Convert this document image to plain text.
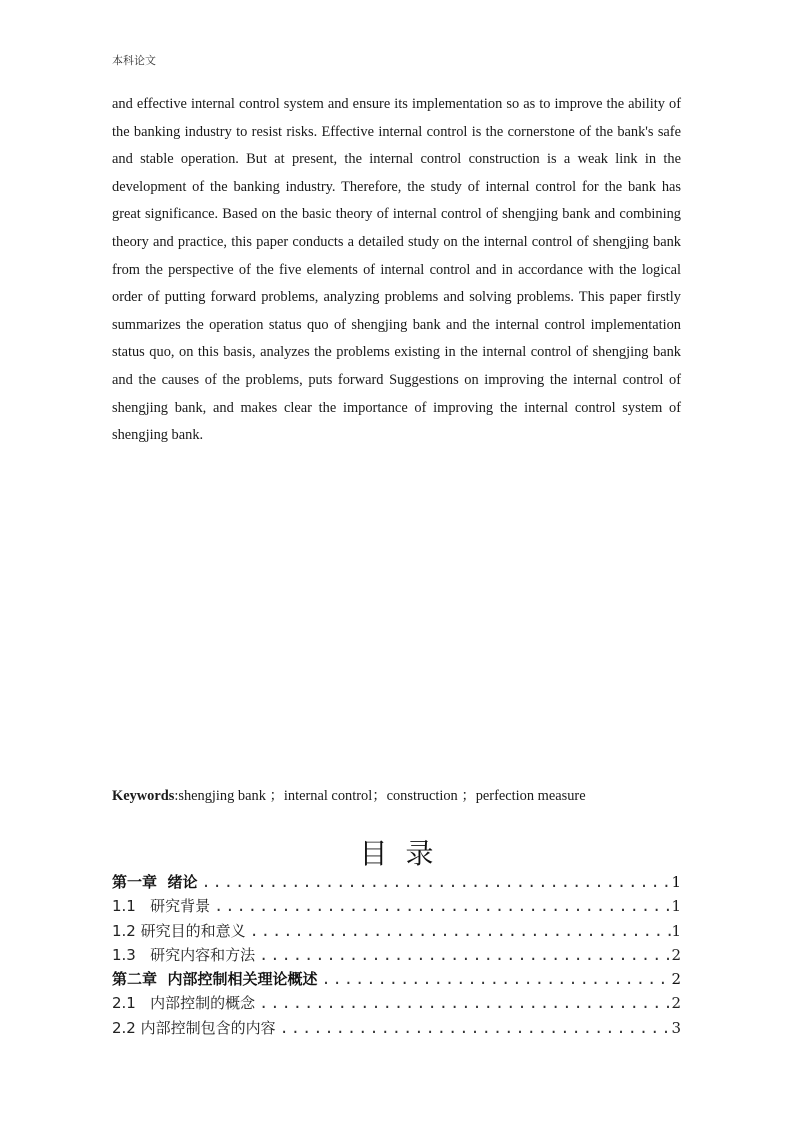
本科论文

and effective internal control system and ensure its implementation so as to improve the ability of the banking industry to resist risks. Effective internal control is the cornerstone of the bank's safe and stable operation. But at present, the internal control construction is a weak link in the development of the banking industry. Therefore, the study of internal control for the bank has great significance. Based on the basic theory of internal control of shengjing bank and combining theory and practice, this paper conducts a detailed study on the internal control of shengjing bank from the perspective of the five elements of internal control and in accordance with the logical order of putting forward problems, analyzing problems and solving problems. This paper firstly summarizes the operation status quo of shengjing bank and the internal control implementation status quo, on this basis, analyzes the problems existing in the internal control of shengjing bank and the causes of the problems, puts forward Suggestions on improving the internal control of shengjing bank, and makes clear the importance of improving the internal control system of shengjing bank.

Keywords:shengjing bank ；internal control；construction ；perfection measure
目录
第一章  绪论 .....	1
1.1   研究背景 .....	1
1.2 研究目的和意义 .....	1
1.3   研究内容和方法 .....	2
第二章  内部控制相关理论概述 .....	2
2.1   内部控制的概念 .....	2
2.2 内部控制包含的内容 .....	3
